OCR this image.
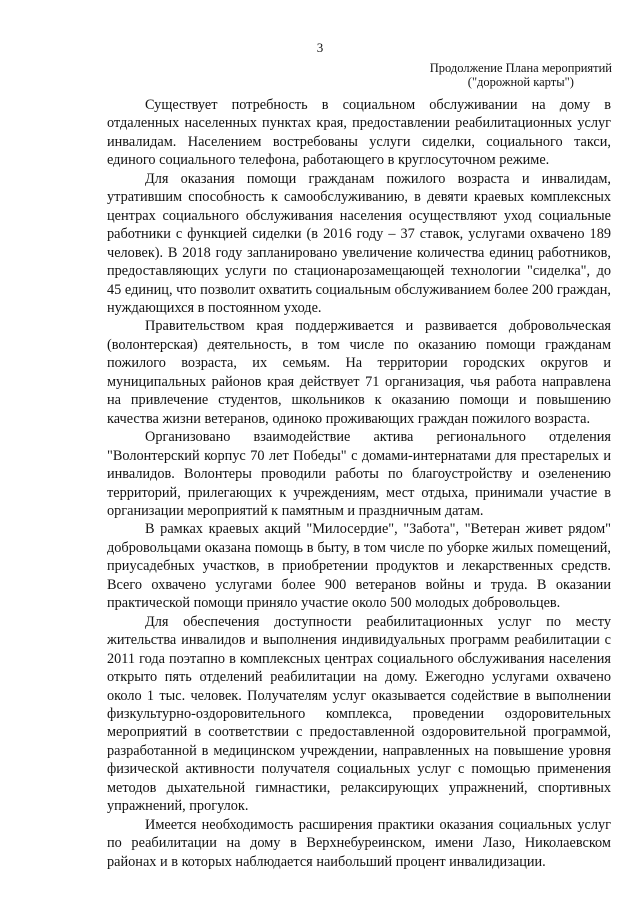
3
Продолжение Плана мероприятий
("дорожной карты")

Существует потребность в социальном обслуживании на дому в отдаленных населенных пунктах края, предоставлении реабилитационных услуг инвалидам. Населением востребованы услуги сиделки, социального такси, единого социального телефона, работающего в круглосуточном режиме.

Для оказания помощи гражданам пожилого возраста и инвалидам, утратившим способность к самообслуживанию, в девяти краевых комплексных центрах социального обслуживания населения осуществляют уход социальные работники с функцией сиделки (в 2016 году – 37 ставок, услугами охвачено 189 человек). В 2018 году запланировано увеличение количества единиц работников, предоставляющих услуги по стационарозамещающей технологии "сиделка", до 45 единиц, что позволит охватить социальным обслуживанием более 200 граждан, нуждающихся в постоянном уходе.

Правительством края поддерживается и развивается добровольческая (волонтерская) деятельность, в том числе по оказанию помощи гражданам пожилого возраста, их семьям. На территории городских округов и муниципальных районов края действует 71 организация, чья работа направлена на привлечение студентов, школьников к оказанию помощи и повышению качества жизни ветеранов, одиноко проживающих граждан пожилого возраста.

Организовано взаимодействие актива регионального отделения "Волонтерский корпус 70 лет Победы" с домами-интернатами для престарелых и инвалидов. Волонтеры проводили работы по благоустройству и озеленению территорий, прилегающих к учреждениям, мест отдыха, принимали участие в организации мероприятий к памятным и праздничным датам.

В рамках краевых акций "Милосердие", "Забота", "Ветеран живет рядом" добровольцами оказана помощь в быту, в том числе по уборке жилых помещений, приусадебных участков, в приобретении продуктов и лекарственных средств. Всего охвачено услугами более 900 ветеранов войны и труда. В оказании практической помощи приняло участие около 500 молодых добровольцев.

Для обеспечения доступности реабилитационных услуг по месту жительства инвалидов и выполнения индивидуальных программ реабилитации с 2011 года поэтапно в комплексных центрах социального обслуживания населения открыто пять отделений реабилитации на дому. Ежегодно услугами охвачено около 1 тыс. человек. Получателям услуг оказывается содействие в выполнении физкультурно-оздоровительного комплекса, проведении оздоровительных мероприятий в соответствии с предоставленной оздоровительной программой, разработанной в медицинском учреждении, направленных на повышение уровня физической активности получателя социальных услуг с помощью применения методов дыхательной гимнастики, релаксирующих упражнений, спортивных упражнений, прогулок.

Имеется необходимость расширения практики оказания социальных услуг по реабилитации на дому в Верхнебуреинском, имени Лазо, Николаевском районах и в которых наблюдается наибольший процент инвалидизации.
